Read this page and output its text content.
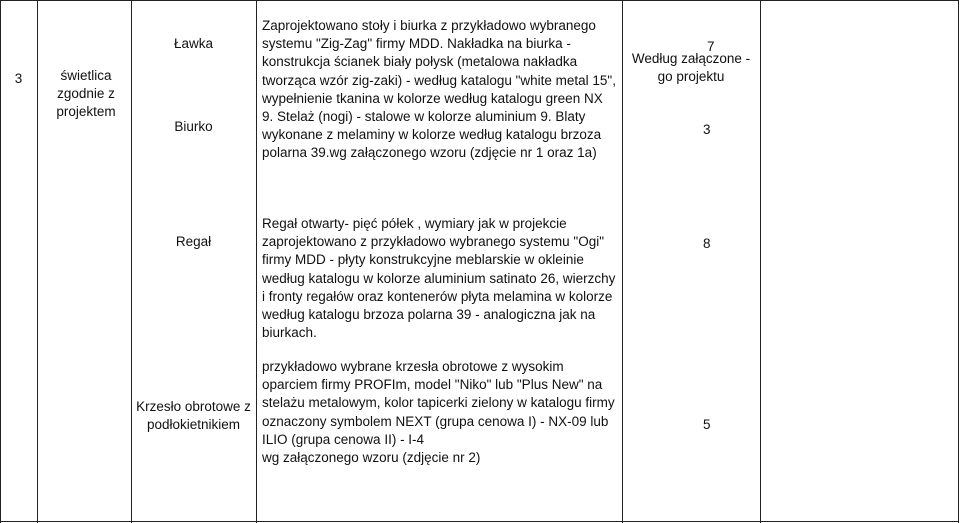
3	świetlica zgodnie z projektem
Ławka
Biurko
Zaprojektowano stoły i biurka z przykładowo wybranego systemu "Zig-Zag" firmy MDD. Nakładka na biurka - konstrukcja ścianek biały połysk (metalowa nakładka tworząca wzór zig-zaki) - według katalogu "white metal 15", wypełnienie tkanina w kolorze według katalogu green NX 9. Stelaż (nogi) - stalowe w kolorze aluminium 9. Blaty wykonane z melaminy w kolorze według katalogu brzoza polarna 39.wg załączonego wzoru (zdjęcie nr 1 oraz 1a)
Według załączone -go projektu
7
3
Regał
Regał otwarty- pięć półek , wymiary jak w projekcie zaprojektowano z przykładowo wybranego systemu "Ogi" firmy MDD - płyty konstrukcyjne meblarskie w okleinie według katalogu w kolorze aluminium satinato 26, wierzchy i fronty regałów oraz kontenerów płyta melamina w kolorze według katalogu brzoza polarna 39 - analogiczna jak na biurkach.
8
Krzesło obrotowe z podłokietnikiem
przykładowo wybrane krzesła obrotowe z wysokim oparciem firmy PROFIm, model "Niko" lub "Plus New" na stelażu metalowym, kolor tapicerki zielony w katalogu firmy oznaczony symbolem NEXT (grupa cenowa I) - NX-09 lub ILIO (grupa cenowa II) - I-4
wg załączonego wzoru (zdjęcie nr 2)
5
